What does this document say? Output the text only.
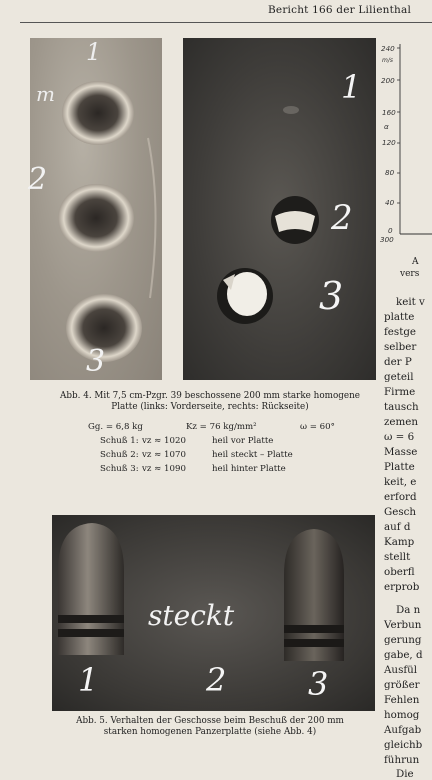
Bericht 166 der Lilienthal
m
1
2
3
1
2
3
Abb. 4. Mit 7,5 cm-Pzgr. 39 beschossene 200 mm starke homogene
Platte (links: Vorderseite, rechts: Rückseite)
Gg. = 6,8 kg	Kz = 76 kg/mm²	ω = 60°
Schuß 1: vz ≈ 1020	heil vor Platte
Schuß 2: vz ≈ 1070	heil steckt – Platte
Schuß 3: vz ≈ 1090	heil hinter Platte
steckt
1	2	3
Abb. 5. Verhalten der Geschosse beim Beschuß der 200 mm
starken homogenen Panzerplatte (siehe Abb. 4)
240
m/s
200
160
α
120
80
40
0
300
A
vers
keit v
platte
festge
selber
der P
geteil
Firme
tausch
zemen
ω = 6
Masse
Platte
keit, e
erford
Gesch
auf d
Kamp
stellt
oberfl
erprob
Da n
Verbun
gerung
gabe, d
Ausfül
größer
Fehlen
homog
Aufgab
gleichb
führun
Die
